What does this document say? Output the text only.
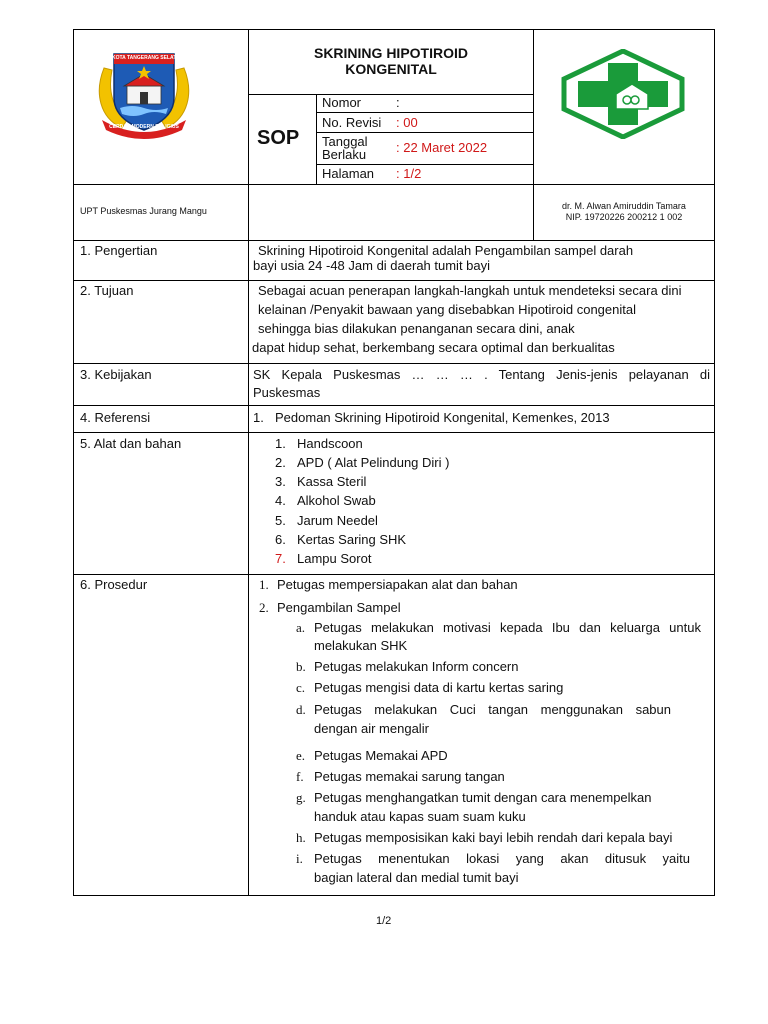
KOTA TANGERANG SELATAN
CERDAS MODERN RELIGIUS
SKRINING HIPOTIROID
KONGENITAL
SOP
Nomor	:
No. Revisi : 00
Tanggal
Berlaku : 22 Maret 2022
Halaman : 1/2
UPT Puskesmas Jurang Mangu	dr. M. Alwan Amiruddin Tamara
NIP. 19720226 200212 1 002
1. Pengertian	Skrining Hipotiroid Kongenital adalah Pengambilan sampel darah
bayi usia 24 -48 Jam di daerah tumit bayi
2. Tujuan	Sebagai acuan penerapan langkah-langkah untuk mendeteksi secara dini
kelainan /Penyakit bawaan yang disebabkan Hipotiroid congenital
sehingga bias dilakukan penanganan secara dini, anak
dapat hidup sehat, berkembang secara optimal dan berkualitas
3. Kebijakan	SK Kepala Puskesmas … … … . Tentang Jenis-jenis pelayanan di
Puskesmas
4. Referensi	1. Pedoman Skrining Hipotiroid Kongenital, Kemenkes, 2013
5. Alat dan bahan	1. Handscoon
2. APD ( Alat Pelindung Diri )
3. Kassa Steril
4. Alkohol Swab
5. Jarum Needel
6. Kertas Saring SHK
7. Lampu Sorot
6. Prosedur	1. Petugas mempersiapakan alat dan bahan
2. Pengambilan Sampel
a. Petugas melakukan motivasi kepada Ibu dan keluarga untuk
melakukan SHK
b. Petugas melakukan Inform concern
c. Petugas mengisi data di kartu kertas saring
d. Petugas melakukan Cuci tangan menggunakan sabun
dengan air mengalir
e. Petugas Memakai APD
f. Petugas memakai sarung tangan
g. Petugas menghangatkan tumit dengan cara menempelkan
handuk atau kapas suam suam kuku
h. Petugas memposisikan kaki bayi lebih rendah dari kepala bayi
i. Petugas menentukan lokasi yang akan ditusuk yaitu
bagian lateral dan medial tumit bayi
1/2
